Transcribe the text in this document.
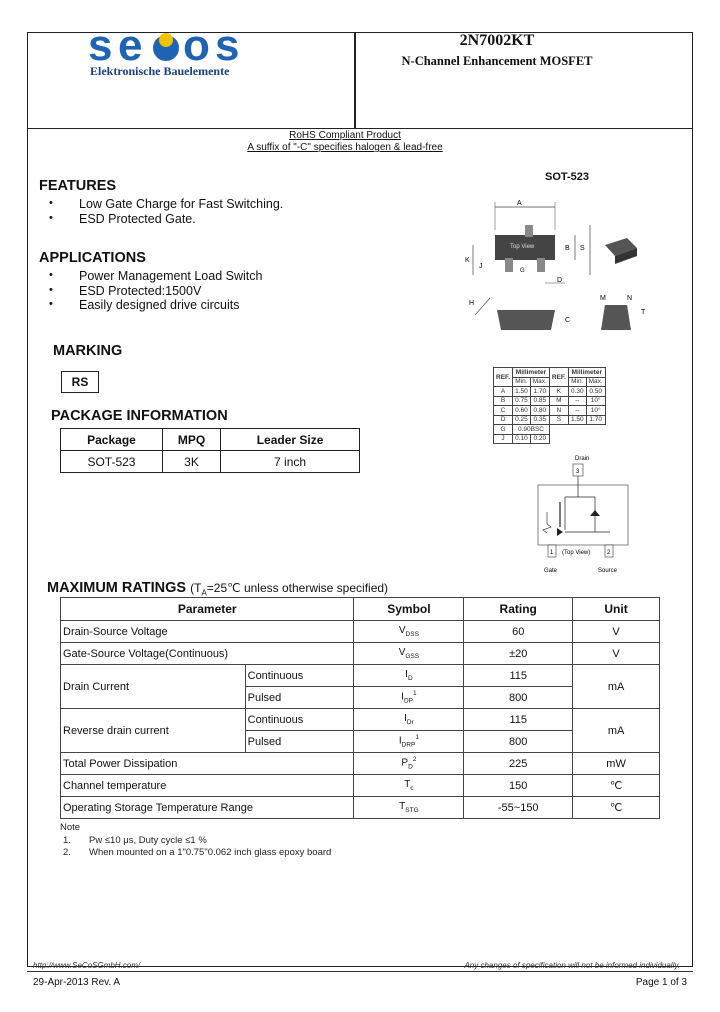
s e o s
Elektronische Bauelemente
2N7002KT
N-Channel Enhancement MOSFET
RoHS Compliant Product
A suffix of "-C" specifies halogen & lead-free
FEATURES
• Low Gate Charge for Fast Switching.
• ESD Protected Gate.
APPLICATIONS
• Power Management Load Switch
• ESD Protected:1500V
• Easily designed drive circuits
SOT-523
Top View
A
B S
K
J
G
D
H
C
M	N
T
MARKING
RS
PACKAGE INFORMATION
Package	MPQ	Leader Size
SOT-523	3K	7 inch
REF.	Millimeter		REF.	Millimeter	
	Min.	Max.		Min.	Max.
A	1.50	1.70	K	0.30	0.50
B	0.75	0.85	M	--	10°
C	0.60	0.80	N	--	10°
D	0.25	0.35	S	1.50	1.70
G	0.90BSC				
J	0.10	0.20			
Drain
3
1 (Top View)	2
Gate	Source
MAXIMUM RATINGS ($T_A=25℃$ unless otherwise specified)
Parameter		Symbol	Rating	Unit
Drain-Source Voltage		$V_{DSS}$	60	V
Gate-Source Voltage(Continuous)		$V_{GSS}$	±20	V
Drain Current	Continuous	$I_D$	115	mA
	Pulsed	$I_{DP}^1$	800	
Reverse drain current	Continuous	$I_{Dr}$	115	mA
	Pulsed	$I_{DRP}^1$	800	
Total Power Dissipation		$P_D^2$	225	mW
Channel temperature		$T_c$	150	℃
Operating Storage Temperature Range		$T_{STG}$	-55~150	℃
Note
1. Pw ≤10 μs, Duty cycle ≤1 %
2. When mounted on a 1"0.75"0.062 inch glass epoxy board
http://www.SeCoSGmbH.com/	Any changes of specification will not be informed individually.
29-Apr-2013 Rev. A	Page 1 of 3
